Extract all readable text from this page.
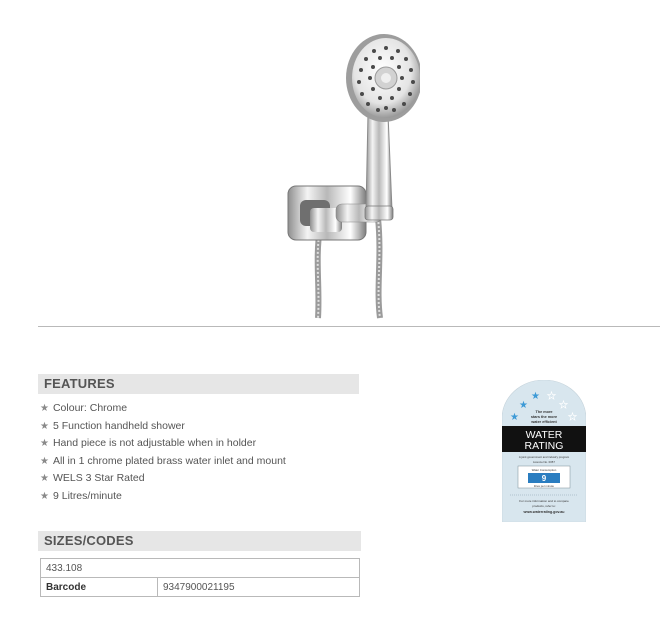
FEATURES
★ Colour: Chrome
★ 5 Function handheld shower
★ Hand piece is not adjustable when in holder
★ All in 1 chrome plated brass water inlet and mount
★ WELS 3 Star Rated
★ 9 Litres/minute
SIZES/CODES
433.108
Barcode	9347900021195
★
★
★ ★
★
★
The more
stars the more
water efficient
WATER
RATING
A joint government and industry program
Licence No. 0057
Water Consumption
9
litres per minute
For more information and to compare
products, refer to:
www.waterrating.gov.au
